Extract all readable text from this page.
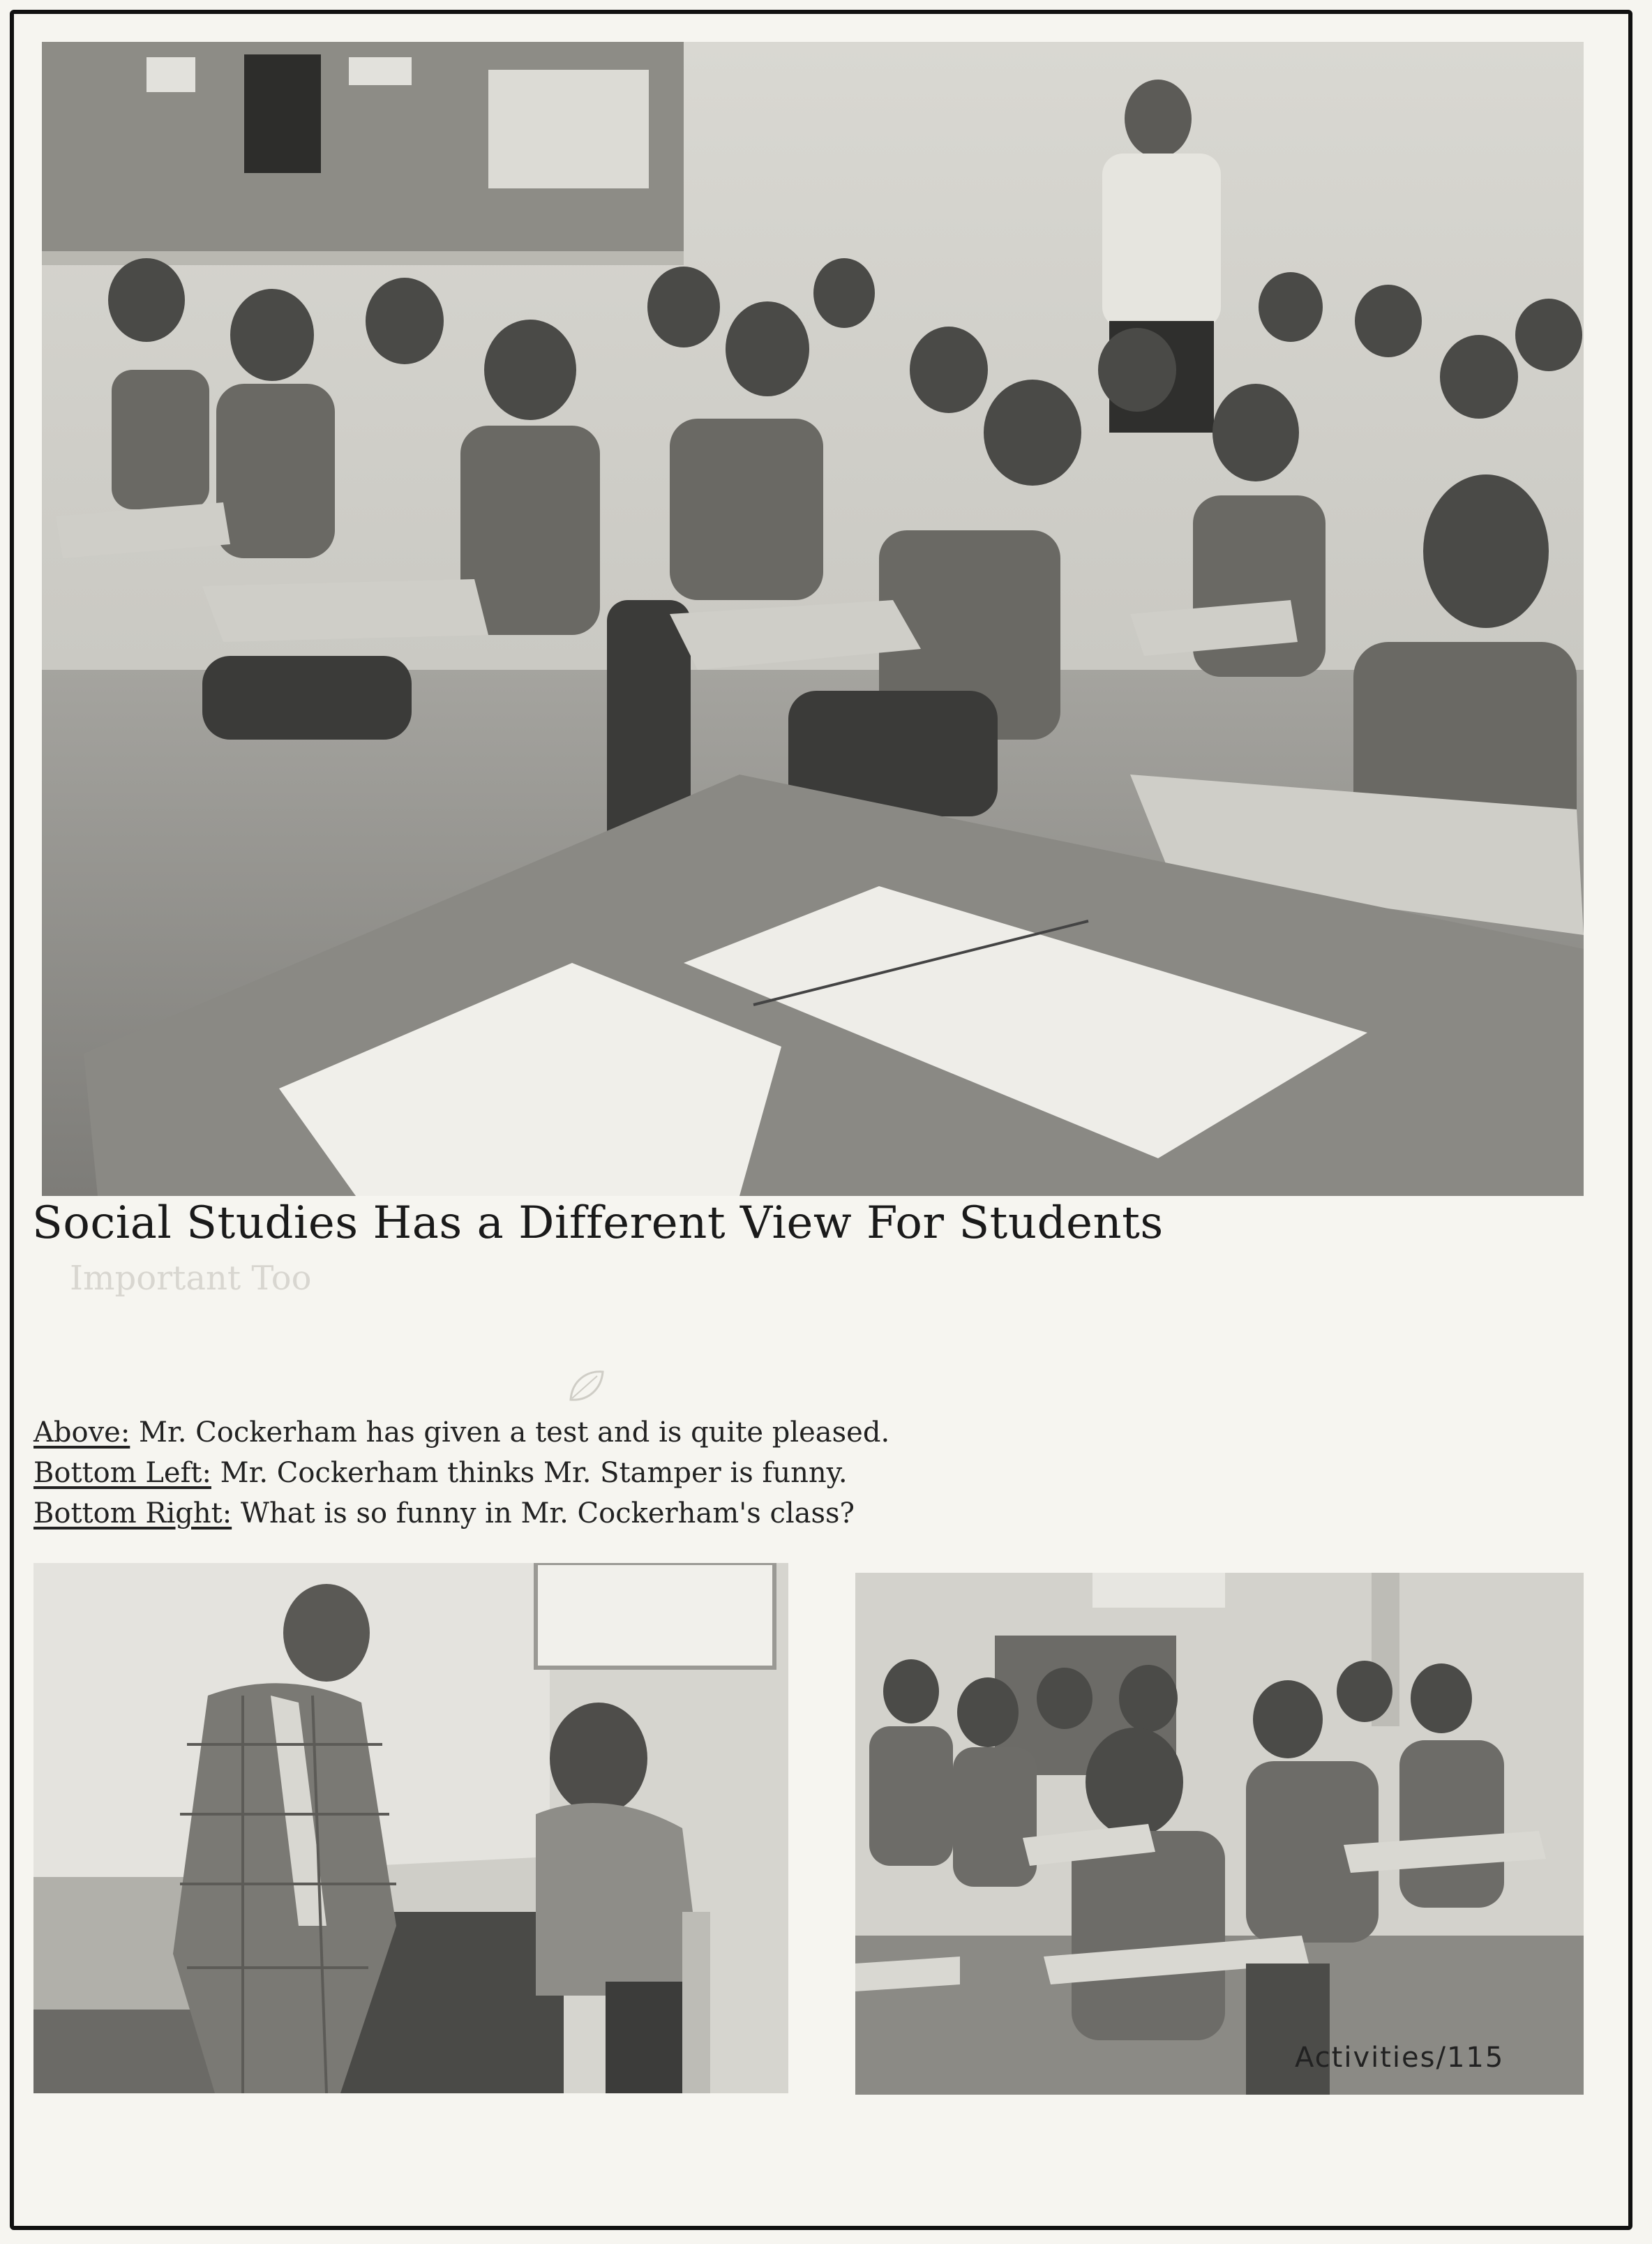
Social Studies Has a Different View For Students
Important Too
Above: Mr. Cockerham has given a test and is quite pleased.
Bottom Left: Mr. Cockerham thinks Mr. Stamper is funny.
Bottom Right: What is so funny in Mr. Cockerham's class?
Activities/115
